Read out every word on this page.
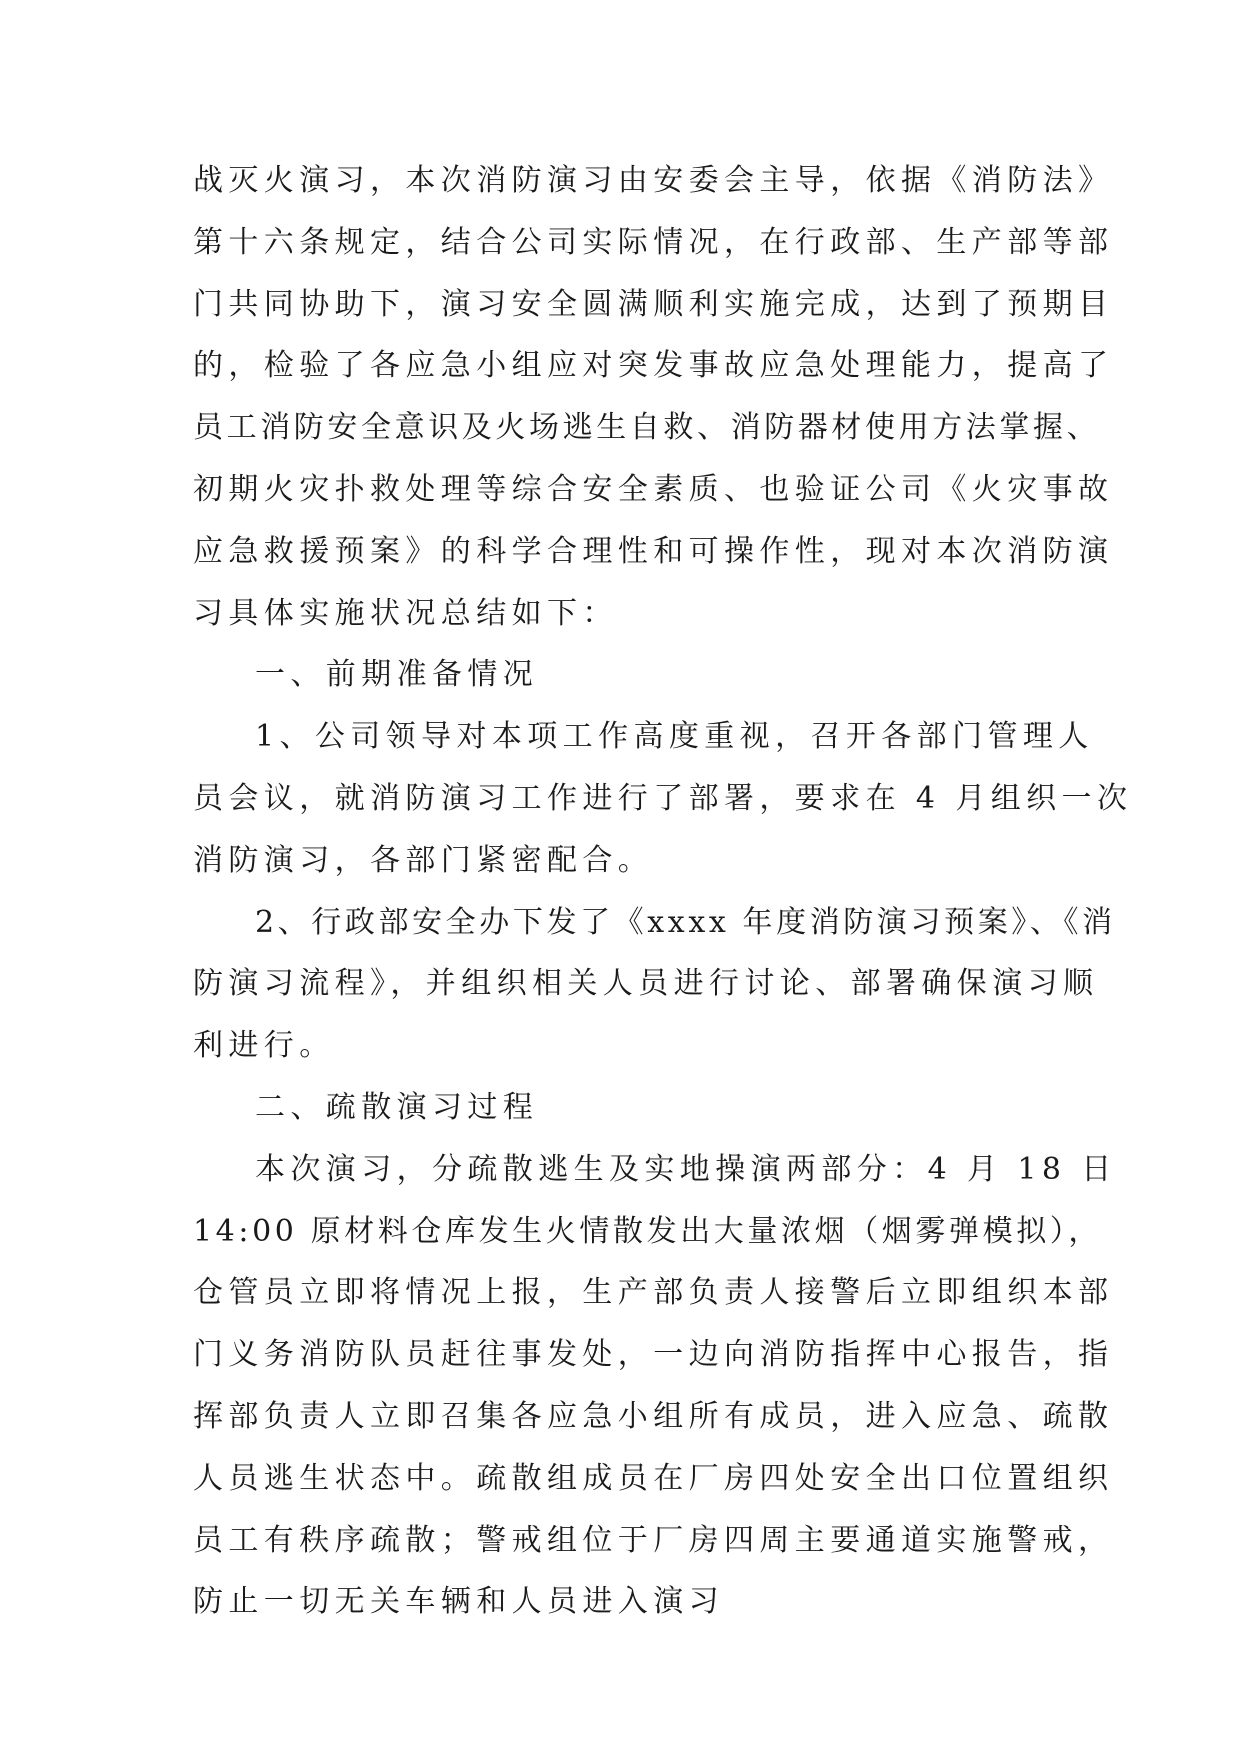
战灭火演习，本次消防演习由安委会主导，依据《消防法》
第十六条规定，结合公司实际情况，在行政部、生产部等部
门共同协助下，演习安全圆满顺利实施完成，达到了预期目
的，检验了各应急小组应对突发事故应急处理能力，提高了
员工消防安全意识及火场逃生自救、消防器材使用方法掌握、
初期火灾扑救处理等综合安全素质、也验证公司《火灾事故
应急救援预案》的科学合理性和可操作性，现对本次消防演
习具体实施状况总结如下：
一、前期准备情况
1、公司领导对本项工作高度重视，召开各部门管理人
员会议，就消防演习工作进行了部署，要求在 4 月组织一次
消防演习，各部门紧密配合。
2、行政部安全办下发了《xxxx 年度消防演习预案》、《消
防演习流程》，并组织相关人员进行讨论、部署确保演习顺
利进行。
二、疏散演习过程
本次演习，分疏散逃生及实地操演两部分：4 月 18 日
14:00 原材料仓库发生火情散发出大量浓烟（烟雾弹模拟），
仓管员立即将情况上报，生产部负责人接警后立即组织本部
门义务消防队员赶往事发处，一边向消防指挥中心报告，指
挥部负责人立即召集各应急小组所有成员，进入应急、疏散
人员逃生状态中。疏散组成员在厂房四处安全出口位置组织
员工有秩序疏散；警戒组位于厂房四周主要通道实施警戒，
防止一切无关车辆和人员进入演习
